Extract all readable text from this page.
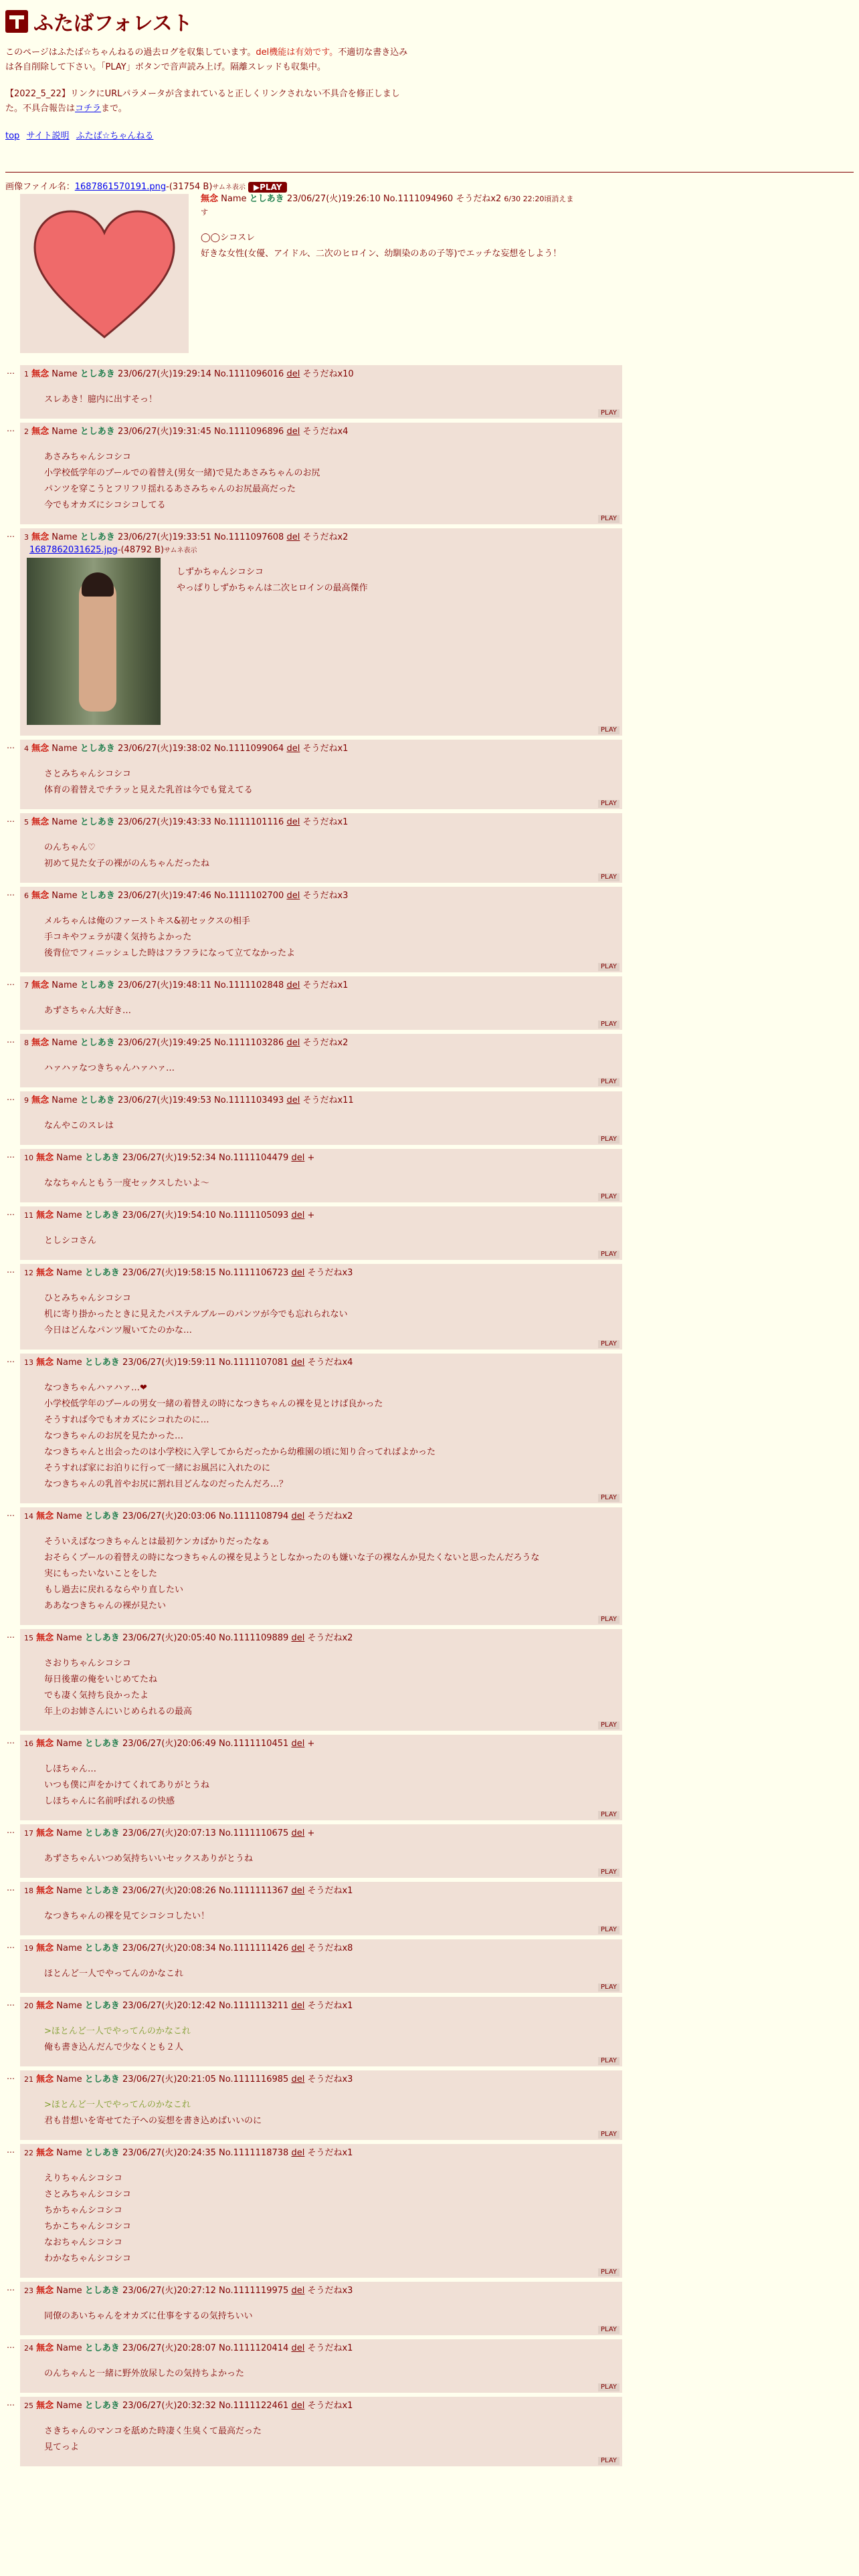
ふたばフォレスト
このページはふたば☆ちゃんねるの過去ログを収集しています。del機能は有効です。不適切な書き込みは各自削除して下さい。「PLAY」ボタンで音声読み上げ。隔離スレッドも収集中。
【2022_5_22】リンクにURLパラメータが含まれていると正しくリンクされない不具合を修正しました。不具合報告はコチラまで。
top サイト説明 ふたば☆ちゃんねる
画像ファイル名：1687861570191.png-(31754 B)サムネ表示 ▶PLAY
無念 Name としあき 23/06/27(火)19:26:10 No.1111094960 そうだねx2 6/30 22:20頃消えます
◯◯シコスレ
好きな女性(女優、アイドル、二次のヒロイン、幼馴染のあの子等)でエッチな妄想をしよう！
… 1 無念 Name としあき 23/06/27(火)19:29:14 No.1111096016 del そうだねx10
スレあき！臆内に出すそっ！
PLAY
… 2 無念 Name としあき 23/06/27(火)19:31:45 No.1111096896 del そうだねx4
あさみちゃんシコシコ
小学校低学年のプールでの着替え(男女一緒)で見たあさみちゃんのお尻
パンツを穿こうとフリフリ揺れるあさみちゃんのお尻最高だった
今でもオカズにシコシコしてる
PLAY
… 3 無念 Name としあき 23/06/27(火)19:33:51 No.1111097608 del そうだねx2
1687862031625.jpg-(48792 B)サムネ表示
しずかちゃんシコシコ
やっぱりしずかちゃんは二次ヒロインの最高傑作
PLAY
… 4 無念 Name としあき 23/06/27(火)19:38:02 No.1111099064 del そうだねx1
さとみちゃんシコシコ
体育の着替えでチラッと見えた乳首は今でも覚えてる
PLAY
… 5 無念 Name としあき 23/06/27(火)19:43:33 No.1111101116 del そうだねx1
のんちゃん♡
初めて見た女子の裸がのんちゃんだったね
PLAY
… 6 無念 Name としあき 23/06/27(火)19:47:46 No.1111102700 del そうだねx3
メルちゃんは俺のファーストキス&初セックスの相手
手コキやフェラが凄く気持ちよかった
後背位でフィニッシュした時はフラフラになって立てなかったよ
PLAY
… 7 無念 Name としあき 23/06/27(火)19:48:11 No.1111102848 del そうだねx1
あずさちゃん大好き…
PLAY
… 8 無念 Name としあき 23/06/27(火)19:49:25 No.1111103286 del そうだねx2
ハァハァなつきちゃんハァハァ…
PLAY
… 9 無念 Name としあき 23/06/27(火)19:49:53 No.1111103493 del そうだねx11
なんやこのスレは
PLAY
… 10 無念 Name としあき 23/06/27(火)19:52:34 No.1111104479 del +
ななちゃんともう一度セックスしたいよ〜
PLAY
… 11 無念 Name としあき 23/06/27(火)19:54:10 No.1111105093 del +
としシコさん
PLAY
… 12 無念 Name としあき 23/06/27(火)19:58:15 No.1111106723 del そうだねx3
ひとみちゃんシコシコ
机に寄り掛かったときに見えたパステルブルーのパンツが今でも忘れられない
今日はどんなパンツ履いてたのかな…
PLAY
… 13 無念 Name としあき 23/06/27(火)19:59:11 No.1111107081 del そうだねx4
なつきちゃんハァハァ…❤
小学校低学年のプールの男女一緒の着替えの時になつきちゃんの裸を見とけば良かった
そうすれば今でもオカズにシコれたのに…
なつきちゃんのお尻を見たかった…
なつきちゃんと出会ったのは小学校に入学してからだったから幼稚園の頃に知り合ってればよかった
そうすれば家にお泊りに行って一緒にお風呂に入れたのに
なつきちゃんの乳首やお尻に割れ目どんなのだったんだろ…？
PLAY
… 14 無念 Name としあき 23/06/27(火)20:03:06 No.1111108794 del そうだねx2
そういえばなつきちゃんとは最初ケンカばかりだったなぁ
おそらくプールの着替えの時になつきちゃんの裸を見ようとしなかったのも嫌いな子の裸なんか見たくないと思ったんだろうな
実にもったいないことをした
もし過去に戻れるならやり直したい
ああなつきちゃんの裸が見たい
PLAY
… 15 無念 Name としあき 23/06/27(火)20:05:40 No.1111109889 del そうだねx2
さおりちゃんシコシコ
毎日後輩の俺をいじめてたね
でも凄く気持ち良かったよ
年上のお姉さんにいじめられるの最高
PLAY
… 16 無念 Name としあき 23/06/27(火)20:06:49 No.1111110451 del +
しほちゃん…
いつも僕に声をかけてくれてありがとうね
しほちゃんに名前呼ばれるの快感
PLAY
… 17 無念 Name としあき 23/06/27(火)20:07:13 No.1111110675 del +
あずさちゃんいつめ気持ちいいセックスありがとうね
PLAY
… 18 無念 Name としあき 23/06/27(火)20:08:26 No.1111111367 del そうだねx1
なつきちゃんの裸を見てシコシコしたい！
PLAY
… 19 無念 Name としあき 23/06/27(火)20:08:34 No.1111111426 del そうだねx8
ほとんど一人でやってんのかなこれ
PLAY
… 20 無念 Name としあき 23/06/27(火)20:12:42 No.1111113211 del そうだねx1
>ほとんど一人でやってんのかなこれ
俺も書き込んだんで少なくとも２人
PLAY
… 21 無念 Name としあき 23/06/27(火)20:21:05 No.1111116985 del そうだねx3
>ほとんど一人でやってんのかなこれ
君も昔想いを寄せてた子への妄想を書き込めばいいのに
PLAY
… 22 無念 Name としあき 23/06/27(火)20:24:35 No.1111118738 del そうだねx1
えりちゃんシコシコ
さとみちゃんシコシコ
ちかちゃんシコシコ
ちかこちゃんシコシコ
なおちゃんシコシコ
わかなちゃんシコシコ
PLAY
… 23 無念 Name としあき 23/06/27(火)20:27:12 No.1111119975 del そうだねx3
同僚のあいちゃんをオカズに仕事をするの気持ちいい
PLAY
… 24 無念 Name としあき 23/06/27(火)20:28:07 No.1111120414 del そうだねx1
のんちゃんと一緒に野外放尿したの気持ちよかった
PLAY
… 25 無念 Name としあき 23/06/27(火)20:32:32 No.1111122461 del そうだねx1
さきちゃんのマンコを舐めた時凄く生臭くて最高だった
見てっよ
PLAY
